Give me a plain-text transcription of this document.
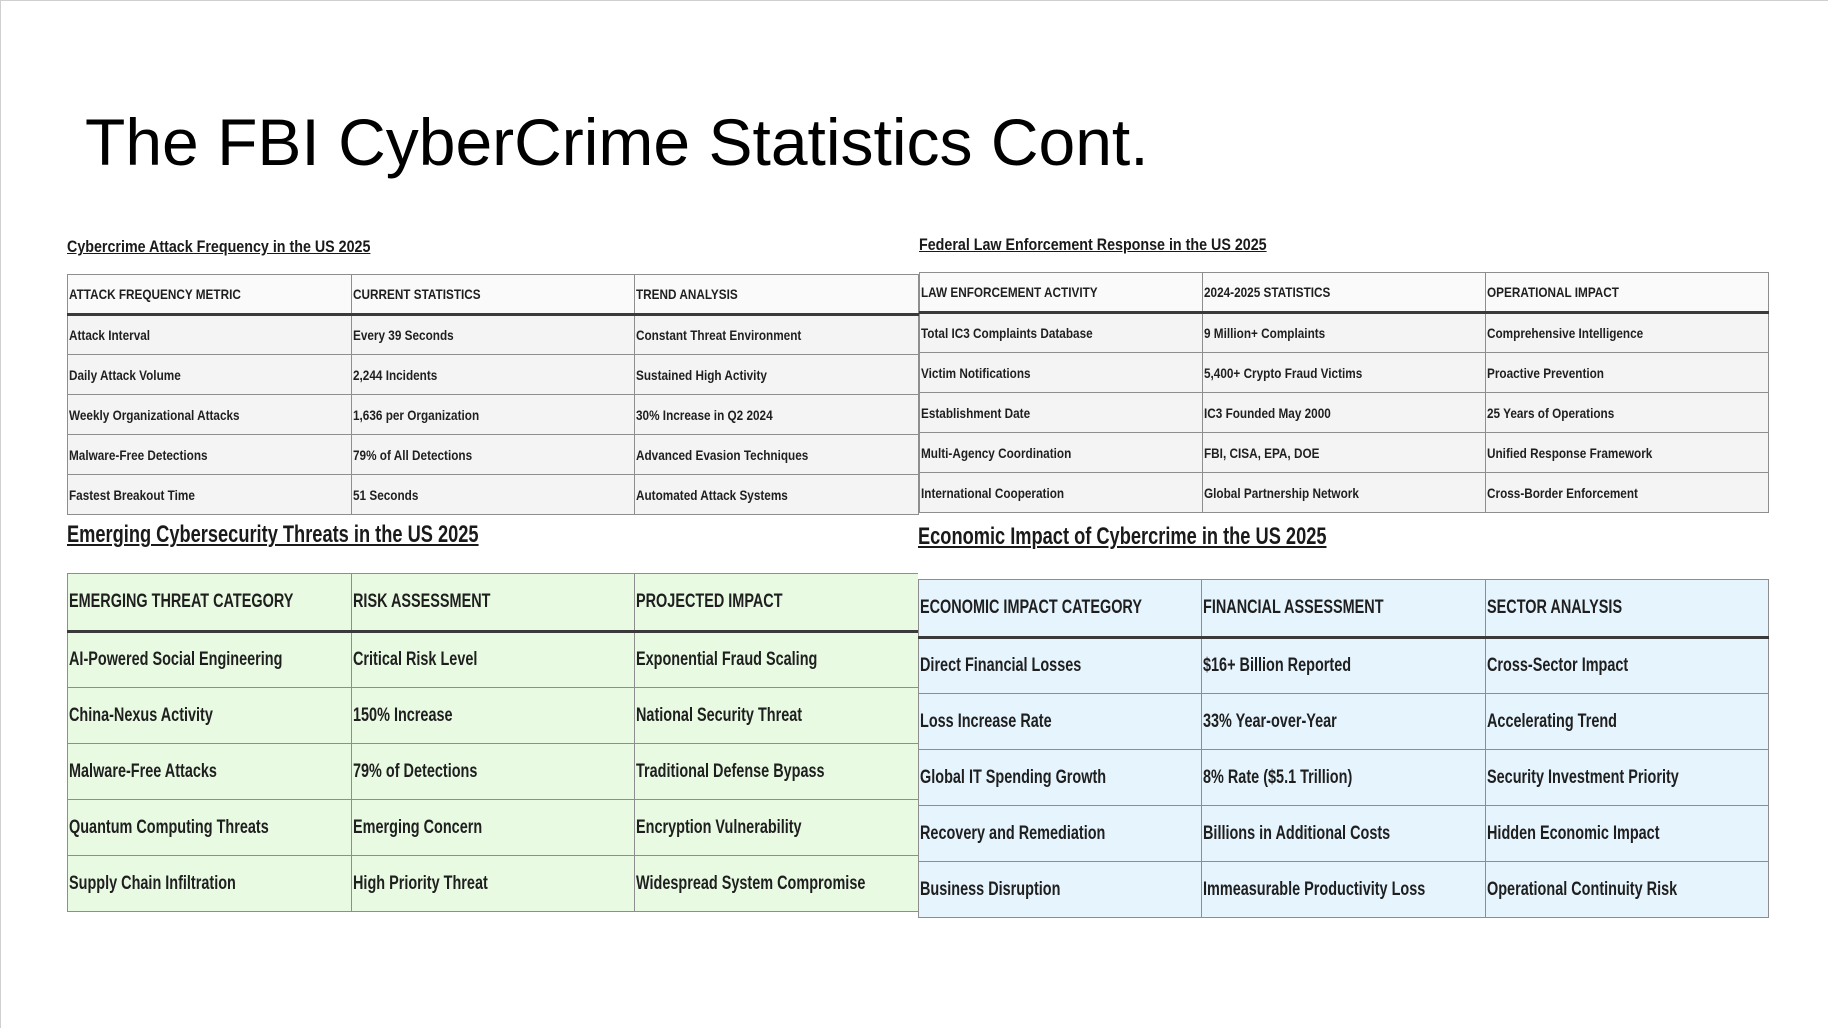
The FBI CyberCrime Statistics Cont.
Cybercrime Attack Frequency in the US 2025
ATTACK FREQUENCY METRIC	CURRENT STATISTICS	TREND ANALYSIS
Attack Interval	Every 39 Seconds	Constant Threat Environment
Daily Attack Volume	2,244 Incidents	Sustained High Activity
Weekly Organizational Attacks	1,636 per Organization	30% Increase in Q2 2024
Malware-Free Detections	79% of All Detections	Advanced Evasion Techniques
Fastest Breakout Time	51 Seconds	Automated Attack Systems
Federal Law Enforcement Response in the US 2025
LAW ENFORCEMENT ACTIVITY	2024-2025 STATISTICS	OPERATIONAL IMPACT
Total IC3 Complaints Database	9 Million+ Complaints	Comprehensive Intelligence
Victim Notifications	5,400+ Crypto Fraud Victims	Proactive Prevention
Establishment Date	IC3 Founded May 2000	25 Years of Operations
Multi-Agency Coordination	FBI, CISA, EPA, DOE	Unified Response Framework
International Cooperation	Global Partnership Network	Cross-Border Enforcement
Emerging Cybersecurity Threats in the US 2025
EMERGING THREAT CATEGORY	RISK ASSESSMENT	PROJECTED IMPACT
AI-Powered Social Engineering	Critical Risk Level	Exponential Fraud Scaling
China-Nexus Activity	150% Increase	National Security Threat
Malware-Free Attacks	79% of Detections	Traditional Defense Bypass
Quantum Computing Threats	Emerging Concern	Encryption Vulnerability
Supply Chain Infiltration	High Priority Threat	Widespread System Compromise
Economic Impact of Cybercrime in the US 2025
ECONOMIC IMPACT CATEGORY	FINANCIAL ASSESSMENT	SECTOR ANALYSIS
Direct Financial Losses	$16+ Billion Reported	Cross-Sector Impact
Loss Increase Rate	33% Year-over-Year	Accelerating Trend
Global IT Spending Growth	8% Rate ($5.1 Trillion)	Security Investment Priority
Recovery and Remediation	Billions in Additional Costs	Hidden Economic Impact
Business Disruption	Immeasurable Productivity Loss	Operational Continuity Risk
